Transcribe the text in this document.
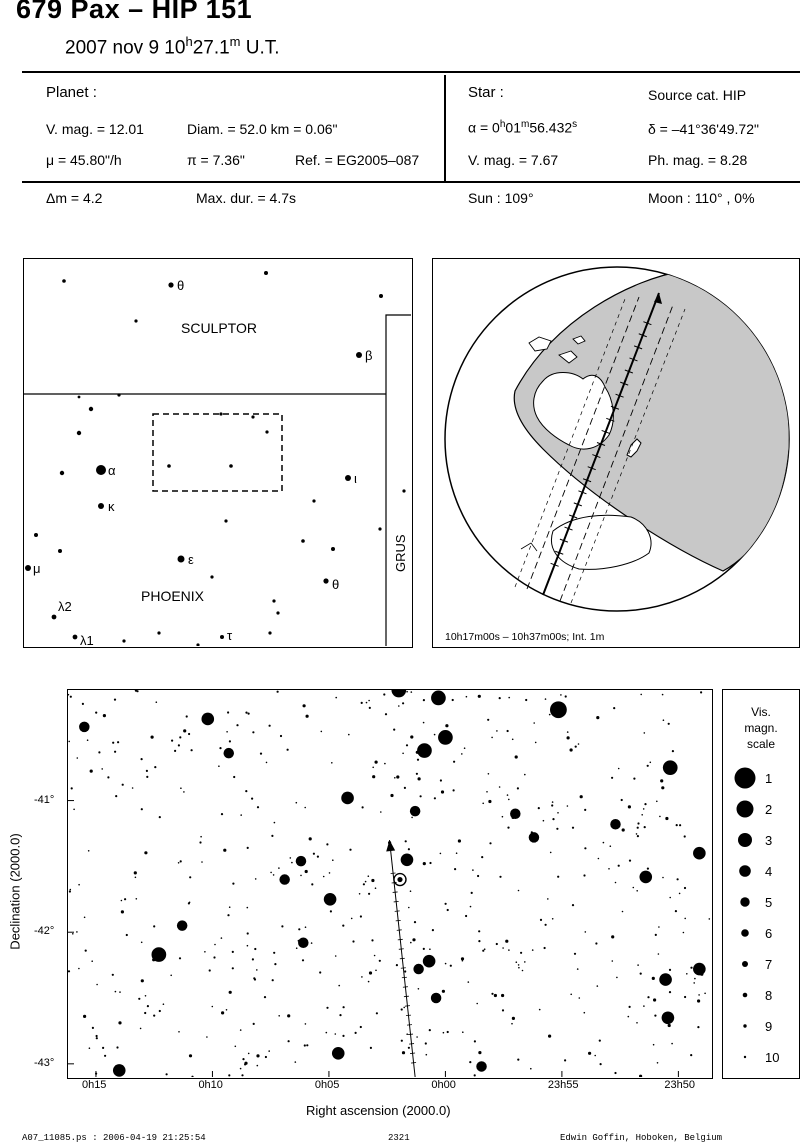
679 Pax – HIP 151
2007 nov 9 10$^h$27.1$^m$ U.T.
Planet :
V. mag. = 12.01	Diam. = 52.0 km = 0.06"
μ = 45.80"/h	π = 7.36"	Ref. = EG2005–087
Star :	Source cat. HIP
$\alpha = 0^h01^m56.432^s$	δ = –41°36'49.72"
V. mag. = 7.67	Ph. mag. = 8.28
Δm = 4.2	Max. dur. = 4.7s	Sun : 109°	Moon : 110° , 0%
SCULPTOR
PHOENIX
GRUS
θ
β
α
κ
ι
ε
μ
θ
λ2
λ1	τ	10h17m00s – 10h37m00s; Int. 1m
0h15	0h10	0h05	0h00	23h55	23h50
-41°
-42°
-43°
Right ascension (2000.0)
Declination (2000.0)
Vis.
magn.
scale
1
2
3
4
5
6
7
8
9
10
A07_11085.ps : 2006-04-19 21:25:54	2321	Edwin Goffin, Hoboken, Belgium
